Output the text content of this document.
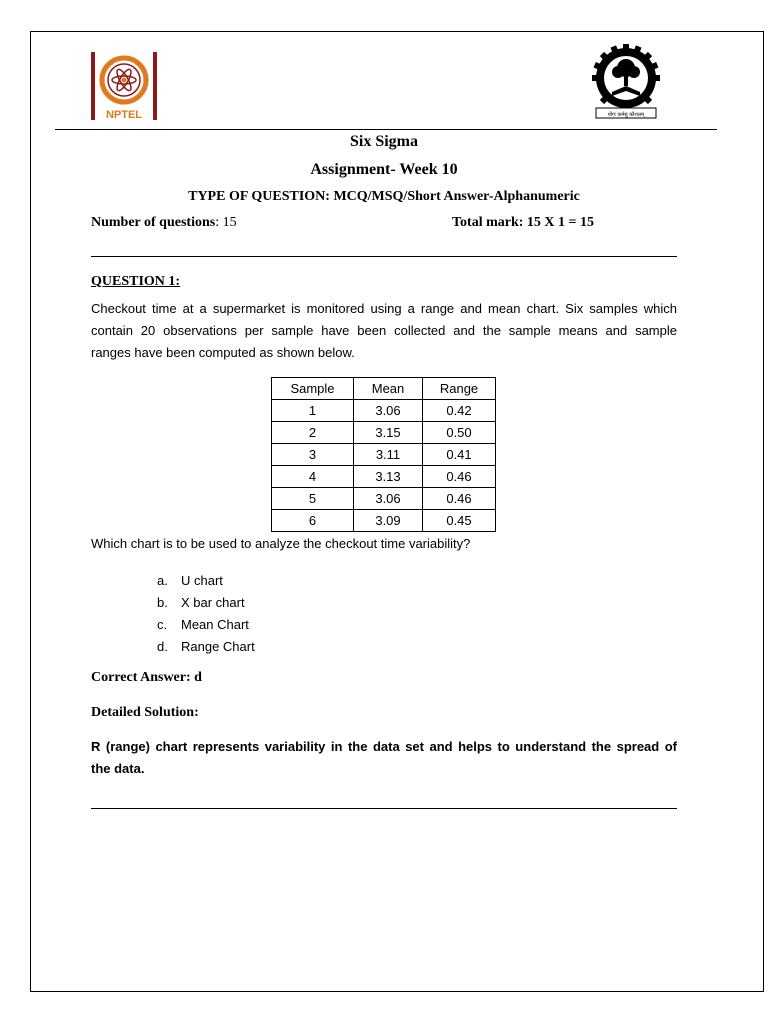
NPTEL	योगः कर्मसु कौशलम्
Six Sigma
Assignment- Week 10
TYPE OF QUESTION: MCQ/MSQ/Short Answer-Alphanumeric
Number of questions: 15	Total mark: 15 X 1 = 15
QUESTION 1:
Checkout time at a supermarket is monitored using a range and mean chart. Six samples which
contain 20 observations per sample have been collected and the sample means and sample
ranges have been computed as shown below.
Sample	Mean	Range
1	3.06	0.42
2	3.15	0.50
3	3.11	0.41
4	3.13	0.46
5	3.06	0.46
6	3.09	0.45
Which chart is to be used to analyze the checkout time variability?
a. U chart
b. X bar chart
c. Mean Chart
d. Range Chart
Correct Answer: d
Detailed Solution:
R (range) chart represents variability in the data set and helps to understand the spread of
the data.
